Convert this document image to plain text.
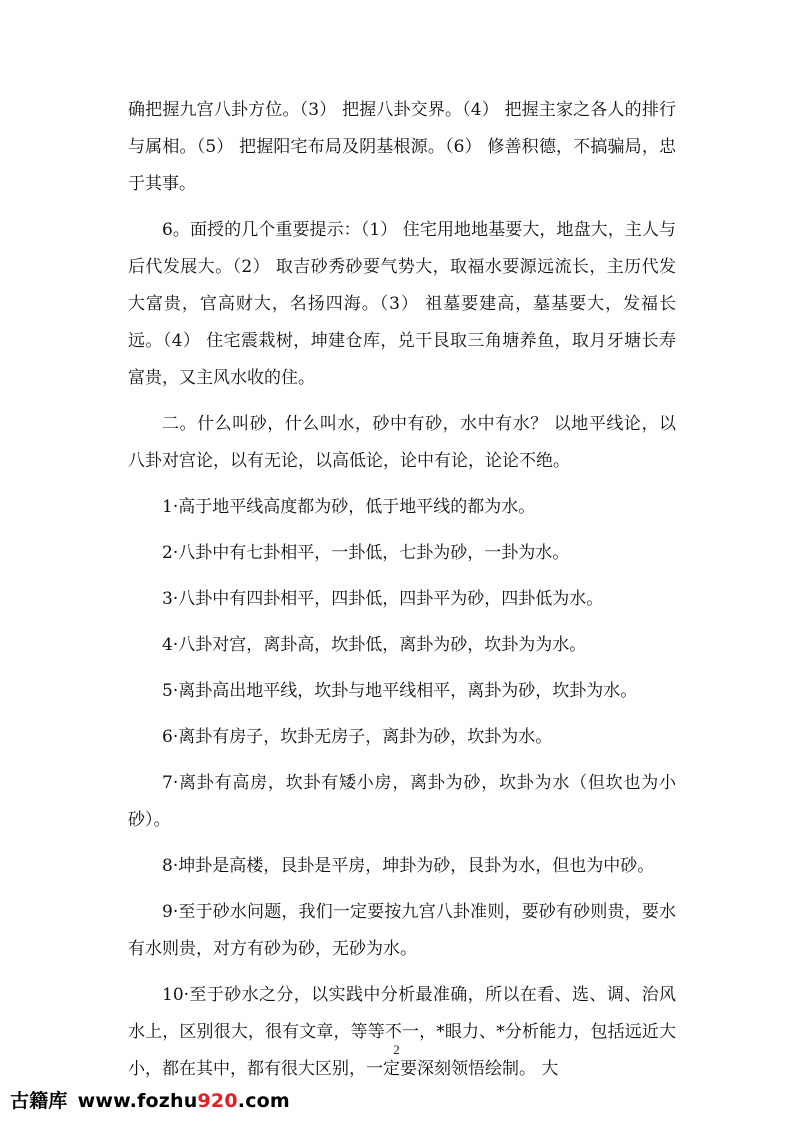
确把握九宫八卦方位。（3） 把握八卦交界。（4） 把握主家之各人的排行与属相。（5） 把握阳宅布局及阴基根源。（6） 修善积德，不搞骗局，忠于其事。

6。面授的几个重要提示：（1） 住宅用地地基要大，地盘大，主人与后代发展大。（2） 取吉砂秀砂要气势大，取福水要源远流长，主历代发大富贵，官高财大，名扬四海。（3） 祖墓要建高，墓基要大，发福长远。（4） 住宅震栽树，坤建仓库，兑干艮取三角塘养鱼，取月牙塘长寿富贵，又主风水收的住。

二。什么叫砂，什么叫水，砂中有砂，水中有水？ 以地平线论，以八卦对宫论，以有无论，以高低论，论中有论，论论不绝。

1·高于地平线高度都为砂，低于地平线的都为水。

2·八卦中有七卦相平，一卦低，七卦为砂，一卦为水。

3·八卦中有四卦相平，四卦低，四卦平为砂，四卦低为水。

4·八卦对宫，离卦高，坎卦低，离卦为砂，坎卦为为水。

5·离卦高出地平线，坎卦与地平线相平，离卦为砂，坎卦为水。

6·离卦有房子，坎卦无房子，离卦为砂，坎卦为水。

7·离卦有高房，坎卦有矮小房，离卦为砂，坎卦为水（但坎也为小砂）。

8·坤卦是高楼，艮卦是平房，坤卦为砂，艮卦为水，但也为中砂。

9·至于砂水问题，我们一定要按九宫八卦准则，要砂有砂则贵，要水有水则贵，对方有砂为砂，无砂为水。

10·至于砂水之分，以实践中分析最准确，所以在看、选、调、治风水上，区别很大，很有文章，等等不一，*眼力、*分析能力，包括远近大小，都在其中，都有很大区别，一定要深刻领悟绘制。 大

2
古籍库 www.fozhu 920 .com
